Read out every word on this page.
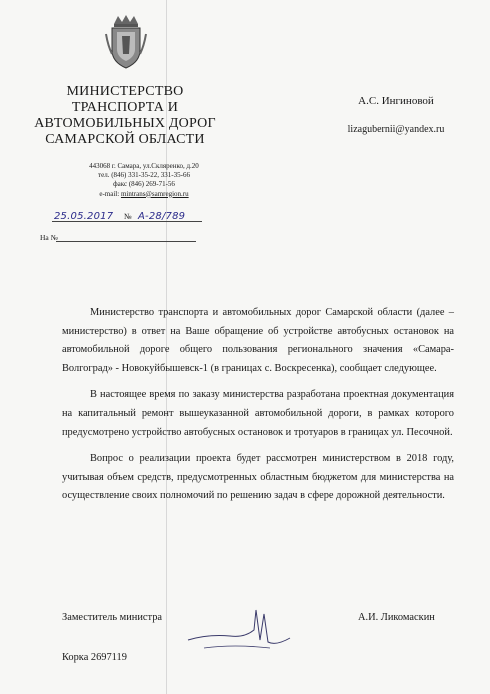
МИНИСТЕРСТВО
ТРАНСПОРТА И
АВТОМОБИЛЬНЫХ ДОРОГ
САМАРСКОЙ ОБЛАСТИ
443068 г. Самара, ул.Скляренко, д.20
тел. (846) 331-35-22, 331-35-66
факс (846) 269-71-56
e-mail: mintrans@samregion.ru
25.05.2017 № А-28/789
На №
А.С. Ингиновой
lizagubernii@yandex.ru

Министерство транспорта и автомобильных дорог Самарской области (далее – министерство) в ответ на Ваше обращение об устройстве автобусных остановок на автомобильной дороге общего пользования регионального значения «Самара-Волгоград» - Новокуйбышевск-1 (в границах с. Воскресенка), сообщает следующее.

В настоящее время по заказу министерства разработана проектная документация на капитальный ремонт вышеуказанной автомобильной дороги, в рамках которого предусмотрено устройство автобусных остановок и тротуаров в границах ул. Песочной.

Вопрос о реализации проекта будет рассмотрен министерством в 2018 году, учитывая объем средств, предусмотренных областным бюджетом для министерства на осуществление своих полномочий по решению задач в сфере дорожной деятельности.

Заместитель министра	А.И. Ликомаскин
Корка 2697119
